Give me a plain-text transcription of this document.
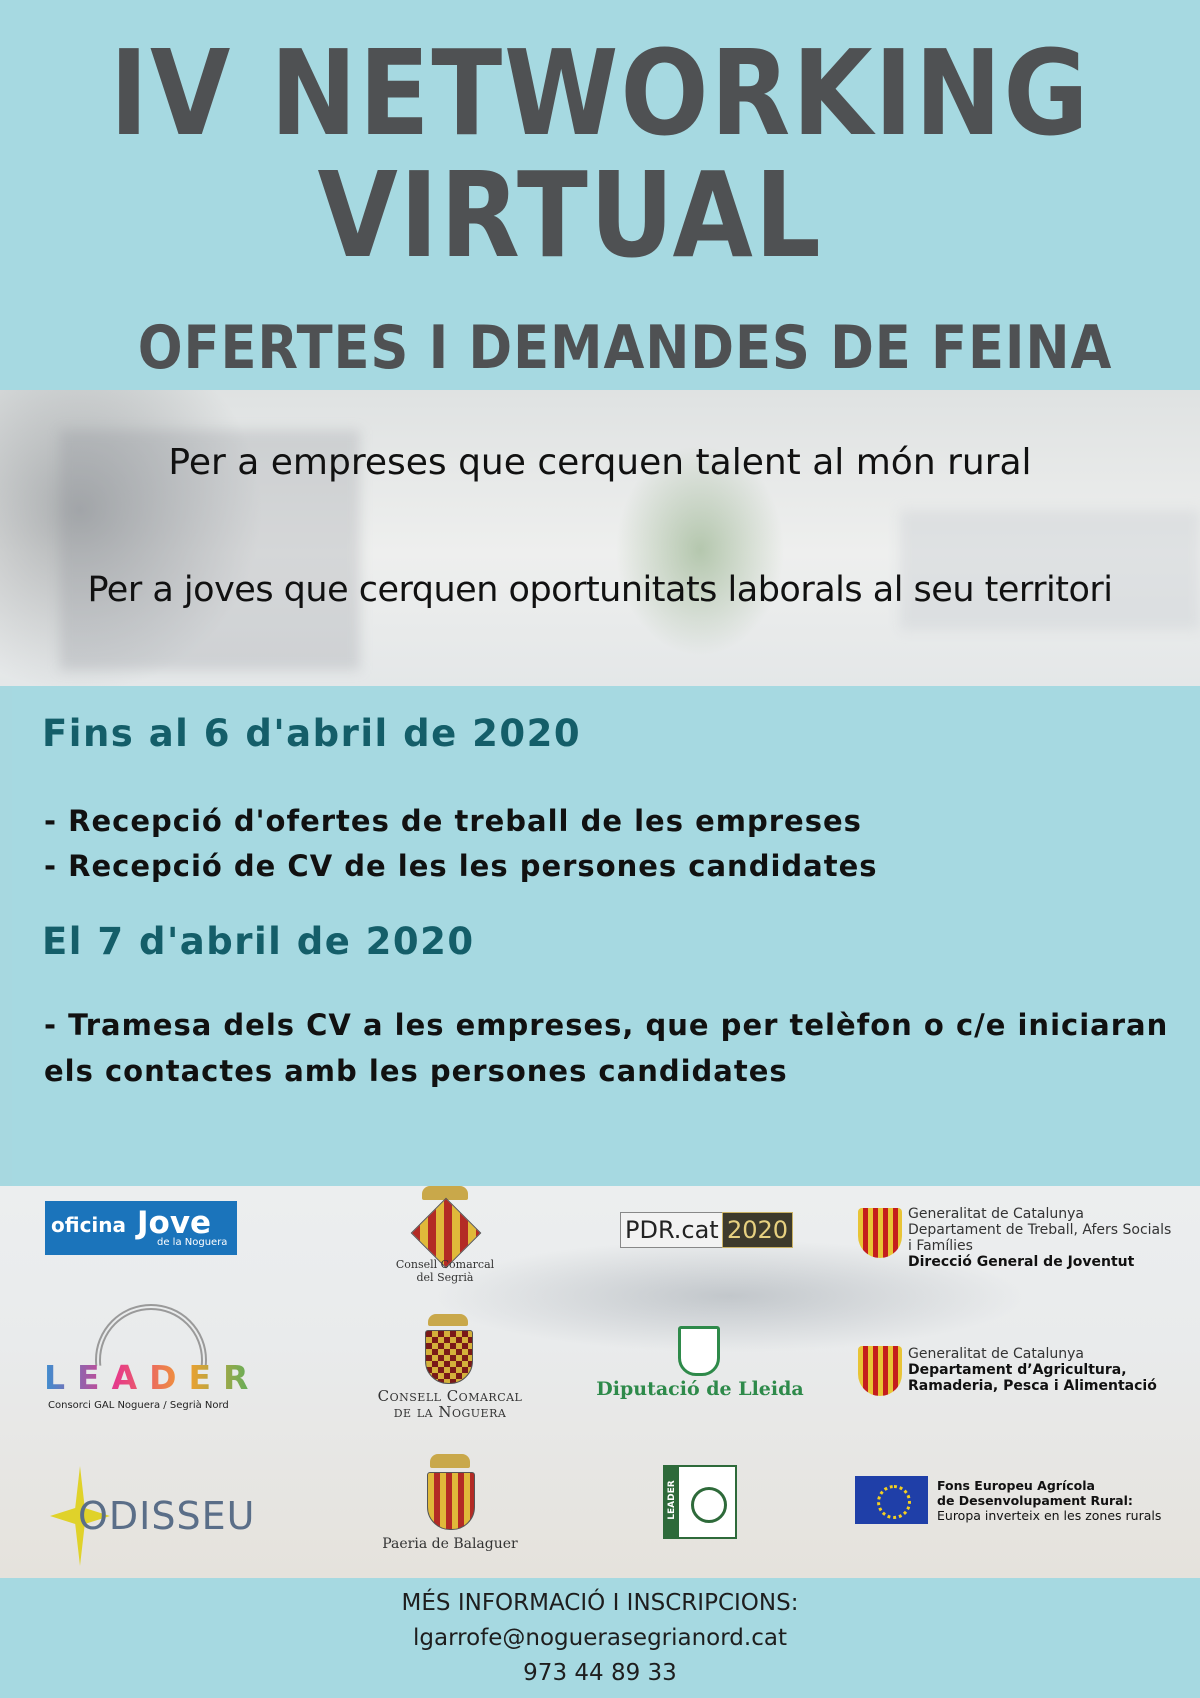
IV NETWORKING
VIRTUAL
OFERTES I DEMANDES DE FEINA
Per a empreses que cerquen talent al món rural
Per a joves que cerquen oportunitats laborals al seu territori
Fins al 6 d'abril de 2020
- Recepció d'ofertes de treball de les empreses
- Recepció de CV de les les persones candidates
El 7 d'abril de 2020
- Tramesa dels CV a les empreses, que per telèfon o c/e iniciaran
els contactes amb les persones candidates
oficina Jove
de la Noguera
Consell Comarcal
del Segrià
PDR.cat 2020
Generalitat de Catalunya
Departament de Treball, Afers Socials
i Famílies
Direcció General de Joventut
LEADER
Consorci GAL Noguera / Segrià Nord
Consell Comarcal
de la Noguera
Diputació de Lleida
Generalitat de Catalunya
Departament d’Agricultura,
Ramaderia, Pesca i Alimentació
ODISSEU
Paeria de Balaguer
LEADER	Fons Europeu Agrícola
de Desenvolupament Rural:
Europa inverteix en les zones rurals
MÉS INFORMACIÓ I INSCRIPCIONS:
lgarrofe@noguerasegrianord.cat
973 44 89 33
